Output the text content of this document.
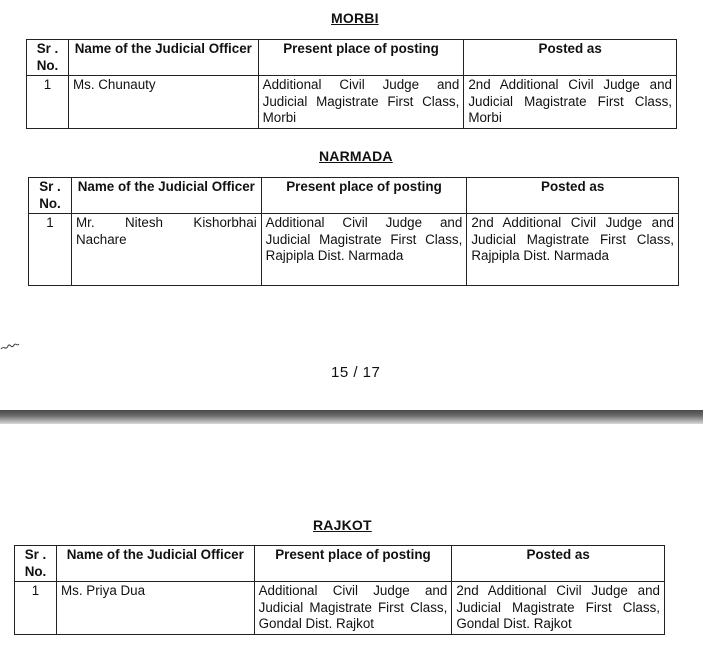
MORBI
Sr . No.	Name of the Judicial Officer	Present place of posting	Posted as
1	Ms. Chunauty	Additional Civil Judge and Judicial Magistrate First Class, Morbi	2nd Additional Civil Judge and Judicial Magistrate First Class, Morbi
NARMADA
Sr . No.	Name of the Judicial Officer	Present place of posting	Posted as
1	Mr. Nitesh Kishorbhai Nachare	Additional Civil Judge and Judicial Magistrate First Class, Rajpipla Dist. Narmada	2nd Additional Civil Judge and Judicial Magistrate First Class, Rajpipla Dist. Narmada
15 / 17
RAJKOT
Sr . No.	Name of the Judicial Officer	Present place of posting	Posted as
1	Ms. Priya Dua	Additional Civil Judge and Judicial Magistrate First Class, Gondal Dist. Rajkot	2nd Additional Civil Judge and Judicial Magistrate First Class, Gondal Dist. Rajkot
